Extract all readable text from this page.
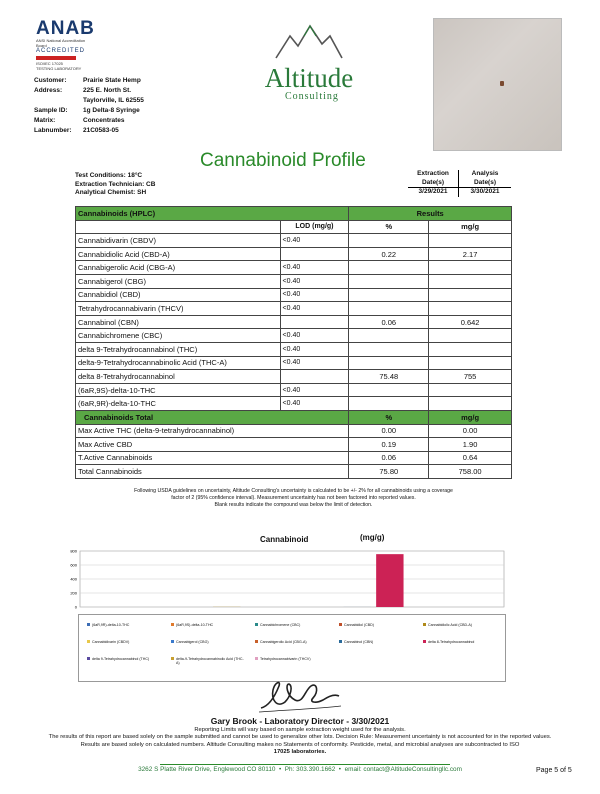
ANAB
ANSI National Accreditation Board
ACCREDITED
ISO/IEC 17025
TESTING LABORATORY
Customer:	Prairie State Hemp
Address:	225 E. North St.
Taylorville, IL 62555
Sample ID:	1g Delta-8 Syringe
Matrix:	Concentrates
Labnumber:	21C0583-05
Altitude
Consulting
Cannabinoid Profile
Test Conditions: 18°C
Extraction Technician: CB
Analytical Chemist: SH
Extraction	Analysis
Date(s)	Date(s)
3/29/2021	3/30/2021
Cannabinoids (HPLC)		Results	
	LOD (mg/g)	%	mg/g
Cannabidivarin (CBDV)	<0.40		
Cannabidiolic Acid (CBD-A)		0.22	2.17
Cannabigerolic Acid (CBG-A)	<0.40		
Cannabigerol (CBG)	<0.40		
Cannabidiol (CBD)	<0.40		
Tetrahydrocannabivarin (THCV)	<0.40		
Cannabinol (CBN)		0.06	0.642
Cannabichromene (CBC)	<0.40		
delta 9-Tetrahydrocannabinol (THC)	<0.40		
delta-9-Tetrahydrocannabinolic Acid (THC-A)	<0.40		
delta 8-Tetrahydrocannabinol		75.48	755
(6aR,9S)-delta-10-THC	<0.40		
(6aR,9R)-delta-10-THC	<0.40		
Cannabinoids Total		%	mg/g
Max Active THC (delta-9-tetrahydrocannabinol)		0.00	0.00
Max Active CBD		0.19	1.90
T.Active Cannabinoids		0.06	0.64
Total Cannabinoids		75.80	758.00
Following USDA guidelines on uncertainty, Altitude Consulting's uncertainty is calculated to be +/- 2% for all cannabinoids using a coverage
factor of 2 (95% confidence interval). Measurement uncertainty has not been factored into reported values.
Blank results indicate the compound was below the limit of detection.
Cannabinoid	(mg/g)
800
600
400
200
0
(6aR,9R)-delta-10-THC	(6aR,9S)-delta-10-THC	Cannabichromene (CBC)	Cannabidiol (CBD)	Cannabidiolic Acid (CBD-A)
Cannabidivarin (CBDV)	Cannabigerol (CBG)	Cannabigerolic Acid (CBG-A)	Cannabinol (CBN)	delta 8-Tetrahydrocannabinol
delta 9-Tetrahydrocannabinol (THC)	delta-9-Tetrahydrocannabinolic Acid (THC-A)
Tetrahydrocannabivarin (THCV)
Gary Brook - Laboratory Director - 3/30/2021
Reporting Limits will vary based on sample extraction weight used for the analysis.
The results of this report are based solely on the sample submitted and cannot be used to generalize other lots. Decision Rule: Measurement uncertainty is not accounted for in the reported values.
Results are based solely on calculated numbers. Altitude Consulting makes no Statements of conformity. Pesticide, metal, and microbial analyses are subcontracted to ISO
17025 laboratories.
3262 S Platte River Drive, Englewood CO 80110  •  Ph: 303.390.1662  •  email: contact@AltitudeConsultingllc.com	Page 5 of 5
